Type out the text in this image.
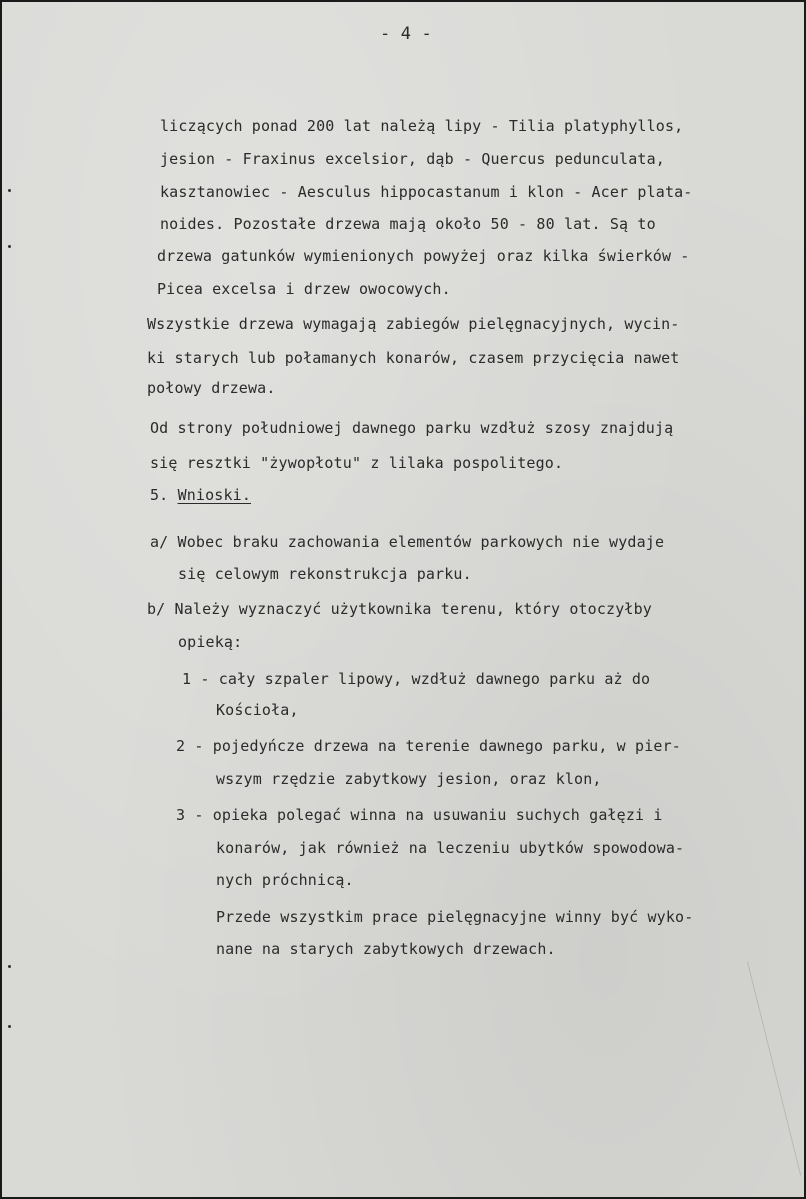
- 4 -
liczących ponad 200 lat należą lipy - Tilia platyphyllos,
jesion - Fraxinus excelsior, dąb - Quercus pedunculata,
kasztanowiec - Aesculus hippocastanum i klon - Acer plata-
noides. Pozostałe drzewa mają około 50 - 80 lat. Są to
drzewa gatunków wymienionych powyżej oraz kilka świerków -
Picea excelsa i drzew owocowych.
Wszystkie drzewa wymagają zabiegów pielęgnacyjnych, wycin-
ki starych lub połamanych konarów, czasem przycięcia nawet
połowy drzewa.
Od strony południowej dawnego parku wzdłuż szosy znajdują
się resztki "żywopłotu" z lilaka pospolitego.
5. Wnioski.
a/ Wobec braku zachowania elementów parkowych nie wydaje
się celowym rekonstrukcja parku.
b/ Należy wyznaczyć użytkownika terenu, który otoczyłby
opieką:
1 - cały szpaler lipowy, wzdłuż dawnego parku aż do
Kościoła,
2 - pojedyńcze drzewa na terenie dawnego parku, w pier-
wszym rzędzie zabytkowy jesion, oraz klon,
3 - opieka polegać winna na usuwaniu suchych gałęzi i
konarów, jak również na leczeniu ubytków spowodowa-
nych próchnicą.
Przede wszystkim prace pielęgnacyjne winny być wyko-
nane na starych zabytkowych drzewach.
